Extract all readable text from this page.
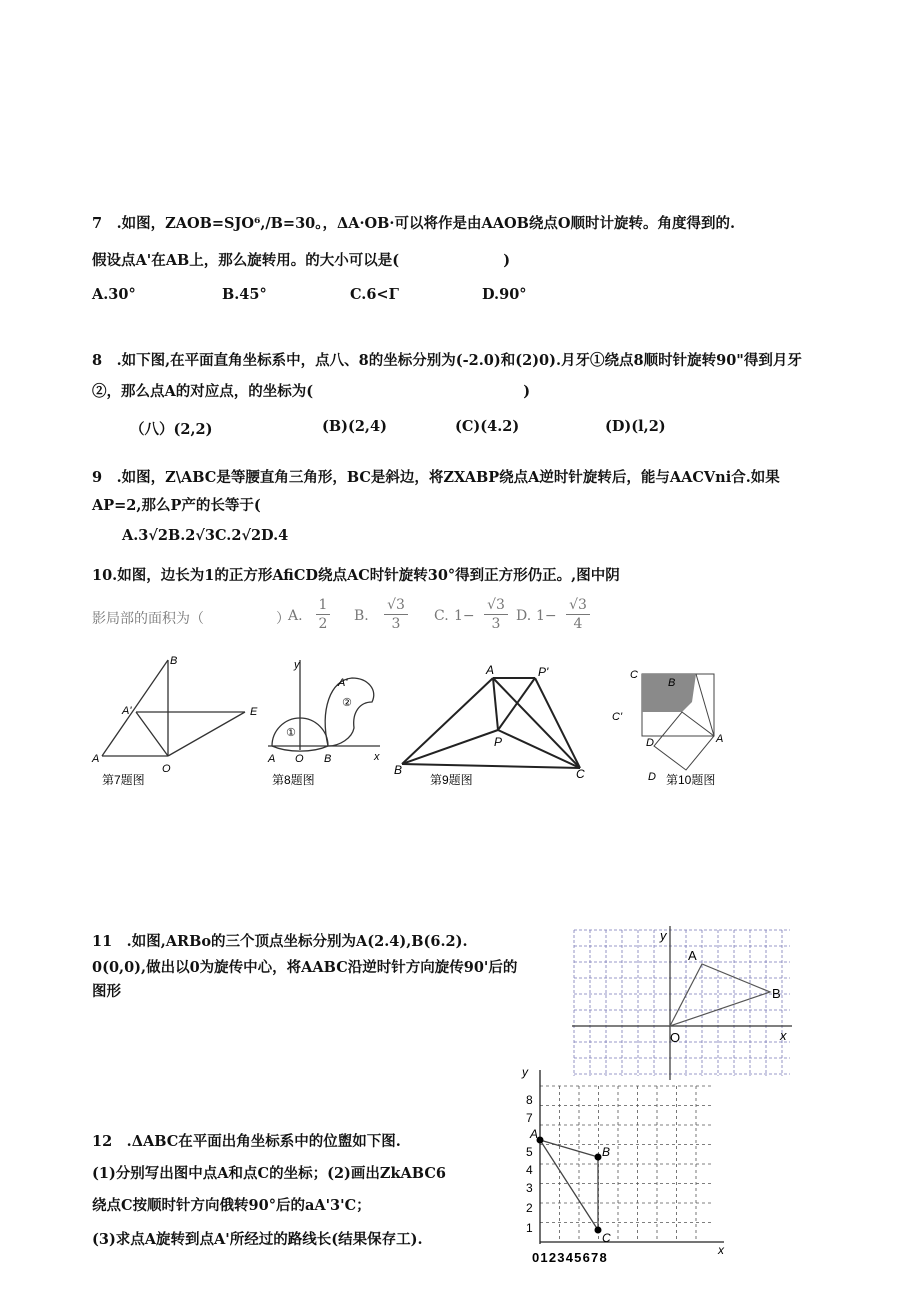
7　.如图，ZAOB=SJO⁶,/B=30。，ΔA·OB·可以将作是由AAOB绕点O顺时计旋转。角度得到的.
假设点A'在AB上，那么旋转用。的大小可以是(	)
A.30°	B.45°	C.6<Γ	D.90°
8　.如下图,在平面直角坐标系中，点八、8的坐标分别为(-2.0)和(2)0).月牙①绕点8顺时针旋转90"得到月牙
②，那么点A的对应点，的坐标为(	)
（八）(2,2)	(B)(2,4)	(C)(4.2)	(D)(l,2)
9　.如图，Z\ABC是等腰直角三角形，BC是斜边，将ZXABP绕点A逆时针旋转后，能与AACVni合.如果
AP=2,那么P产的长等于(
A.3√2B.2√3C.2√2D.4
10.如图，边长为1的正方形AfiCD绕点AC时针旋转30°得到正方形仍正。,图中阴
影局部的面积为（	）
A. $\frac{1}{2} B$. $\frac{√3}{3} C$. $1- \frac{√3}{3} D$. $1- \frac{√3}{4}$
B
A'
A
O
E
第7题图
y
A'
②
①
A O B	x
第8题图
A	P'
P
B	C
第9题图
C
B
C'
D	A
D 第10题图
11　.如图,ARBo的三个顶点坐标分别为A(2.4),B(6.2).
0(0,0),做出以0为旋传中心，将AABC沿逆时针方向旋传90'后的
图形
y
x
A
B
O
12　.ΔABC在平面出角坐标系中的位盥如下图.
(1)分别写出图中点A和点C的坐标；(2)画出ZkABC6
绕点C按顺时针方向俄转90°后的aA'3'C；
(3)求点A旋转到点A'所经过的路线长(结果保存工).
y
x
8
7
5
4
3
2
1
012345678
A
B
C
